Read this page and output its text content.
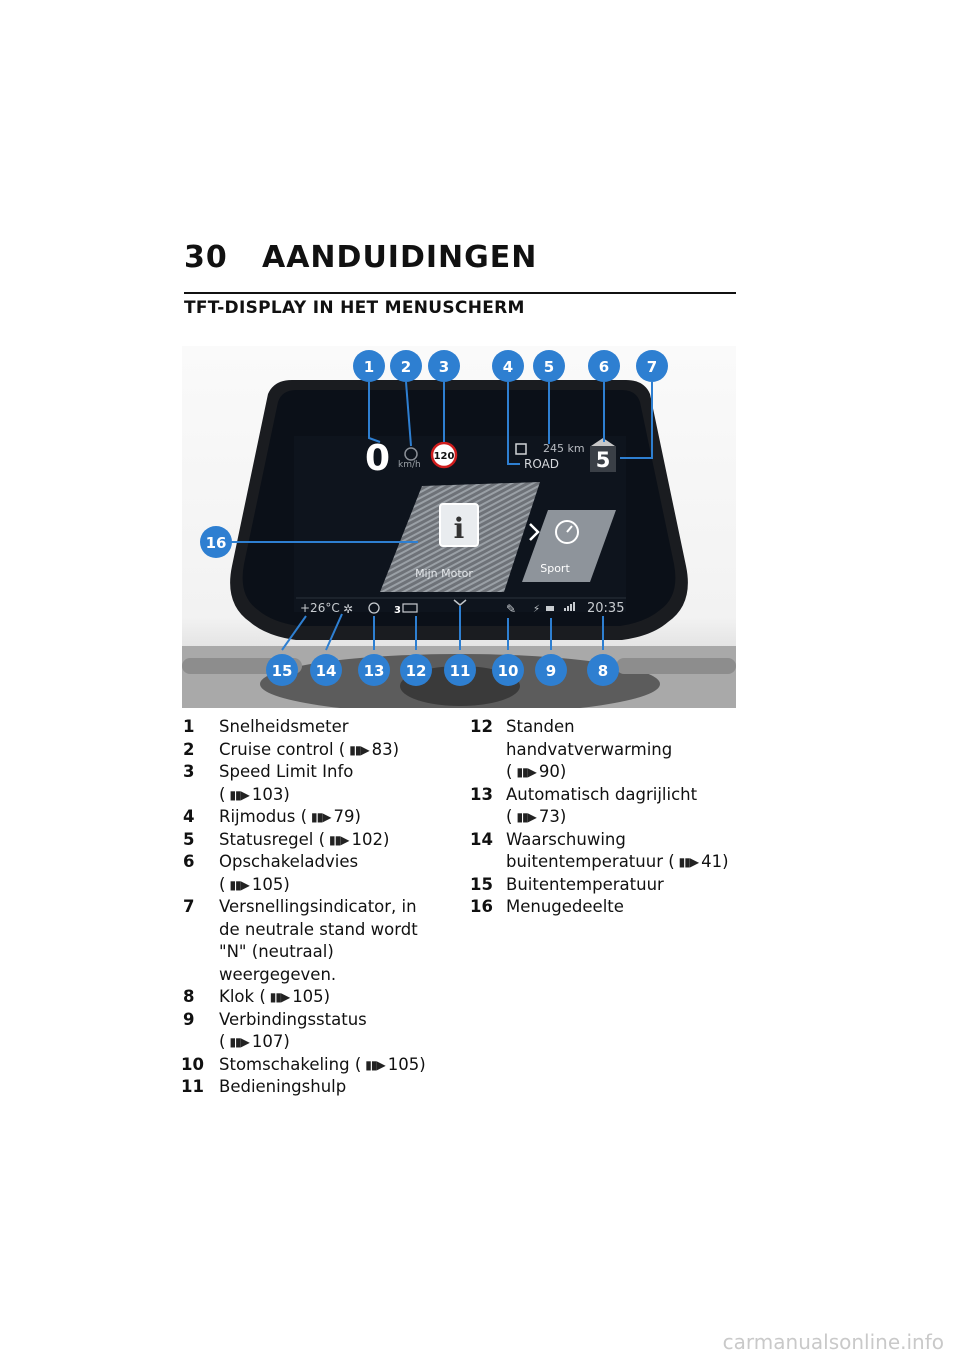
30 AANDUIDINGEN
TFT-DISPLAY IN HET MENUSCHERM
0 km/h
120
245 km
ROAD 5
i
Mijn Motor	Sport
+26°C ✲	3	✎ ⚡	20:35
1 2 3	4 5	6	7
8
9
10
11
12
13
14
15
16
1 Snelheidsmeter
2 Cruise control ( ▮▮▶ 83)
3 Speed Limit Info
( ▮▮▶ 103)
4 Rijmodus ( ▮▮▶ 79)
5 Statusregel ( ▮▮▶ 102)
6 Opschakeladvies
( ▮▮▶ 105)
7 Versnellingsindicator, in de neutrale stand wordt "N" (neutraal) weergegeven.
8 Klok ( ▮▮▶ 105)
9 Verbindingsstatus
( ▮▮▶ 107)
10 Stomschakeling ( ▮▮▶ 105)
11 Bedieningshulp
12 Standen handvatverwarming ( ▮▮▶ 90)
13 Automatisch dagrijlicht
( ▮▮▶ 73)
14 Waarschuwing buitentemperatuur ( ▮▮▶ 41)
15 Buitentemperatuur
16 Menugedeelte
carmanualsonline.info
